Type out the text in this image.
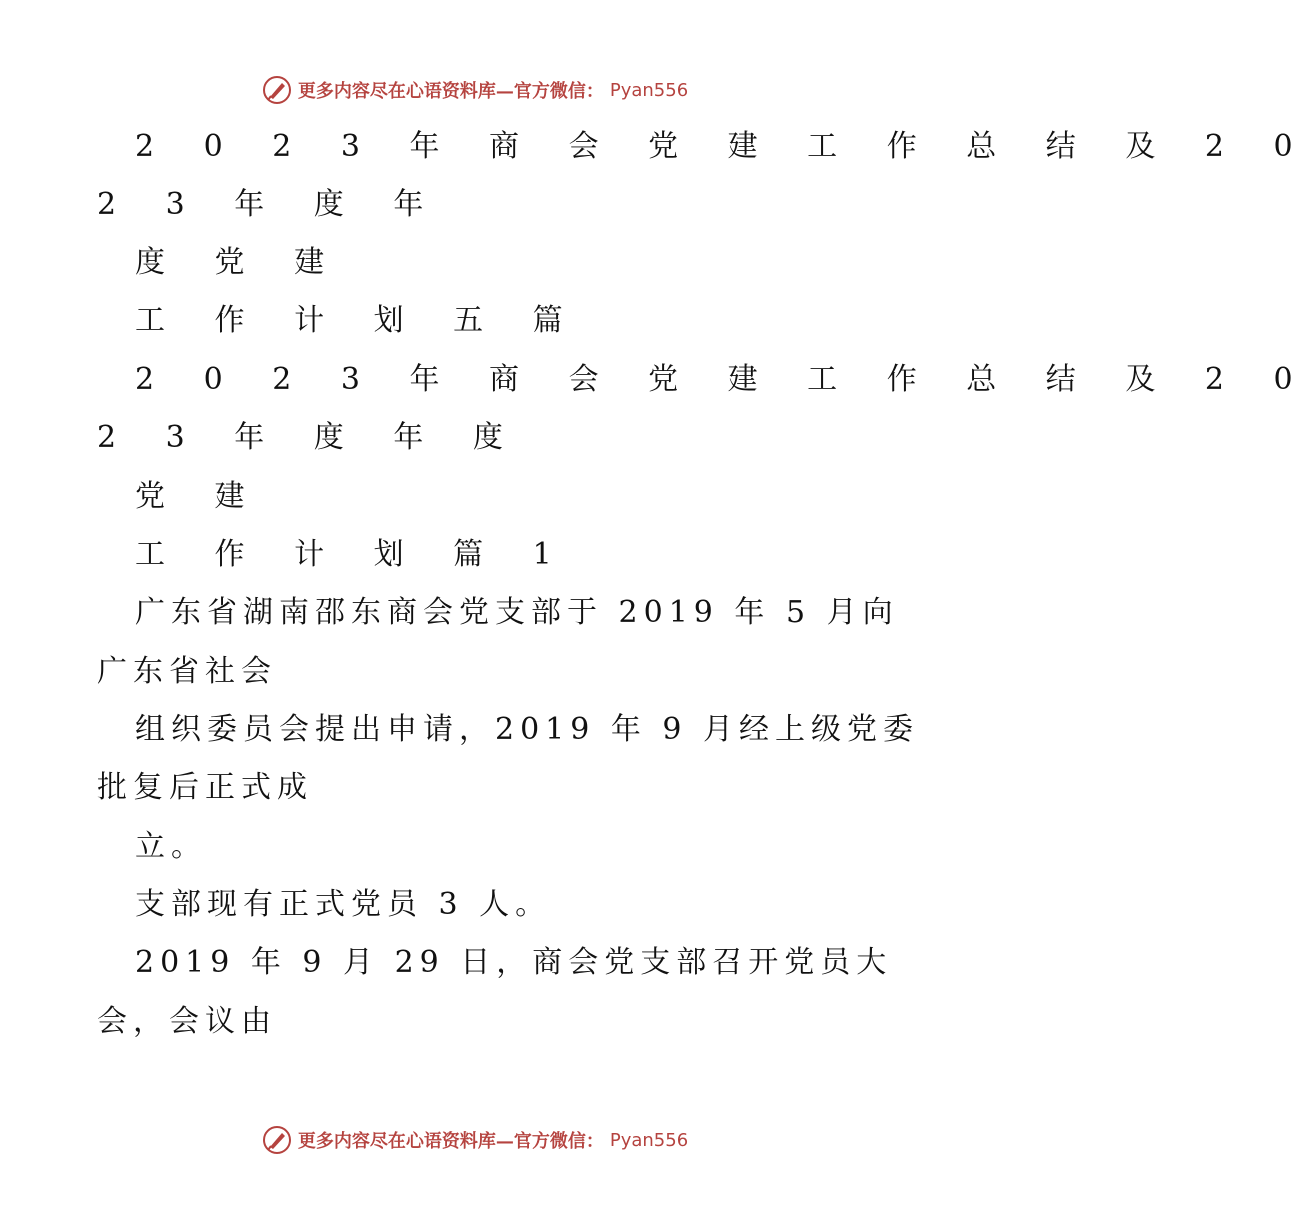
更多内容尽在心语资料库—官方微信： Pyan556
2 0 2 3 年 商 会 党 建 工 作 总 结 及 2 0
2 3 年 度 年
度 党 建
工 作 计 划 五 篇
2 0 2 3 年 商 会 党 建 工 作 总 结 及 2 0
2 3 年 度 年 度
党 建
工 作 计 划 篇 1
广东省湖南邵东商会党支部于 2019 年 5 月向
广东省社会
组织委员会提出申请，2019 年 9 月经上级党委
批复后正式成
立。
支部现有正式党员 3 人。
2019 年 9 月 29 日，商会党支部召开党员大
会，会议由
更多内容尽在心语资料库—官方微信： Pyan556
